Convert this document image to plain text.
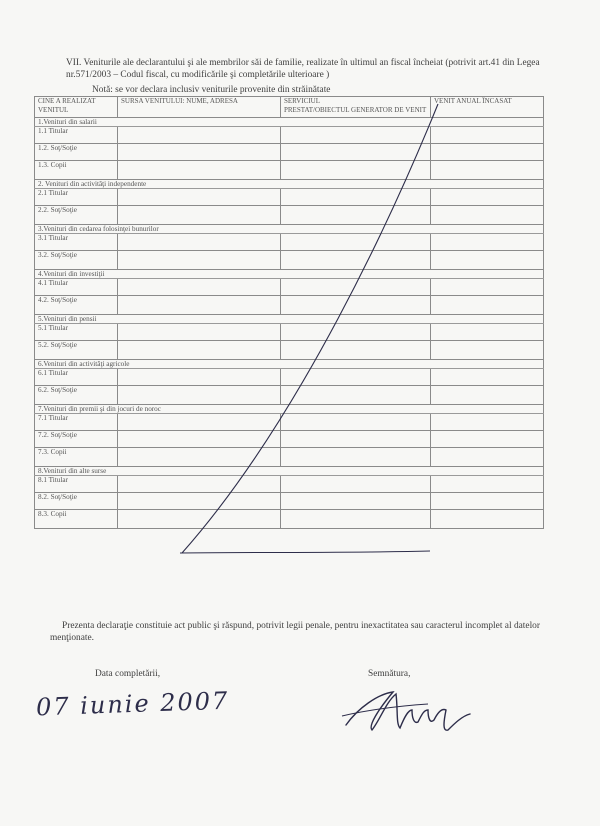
VII. Veniturile ale declarantului şi ale membrilor săi de familie, realizate în ultimul an fiscal încheiat (potrivit art.41 din Legea nr.571/2003 – Codul fiscal, cu modificările şi completările ulterioare )
Notă: se vor declara inclusiv veniturile provenite din străinătate
CINE A REALIZAT VENITUL	SURSA VENITULUI: NUME, ADRESA	SERVICIUL
PRESTAT/OBIECTUL GENERATOR DE VENIT	VENIT ANUAL ÎNCASAT
1.Venituri din salarii			
1.1 Titular			
1.2. Soţ/Soţie			
1.3. Copii			
2. Venituri din activităţi independente			
2.1 Titular			
2.2. Soţ/Soţie			
3.Venituri din cedarea folosinţei bunurilor			
3.1 Titular			
3.2. Soţ/Soţie			
4.Venituri din investiţii			
4.1 Titular			
4.2. Soţ/Soţie			
5.Venituri din pensii			
5.1 Titular			
5.2. Soţ/Soţie			
6.Venituri din activităţi agricole			
6.1 Titular			
6.2. Soţ/Soţie			
7.Venituri din premii şi din jocuri de noroc			
7.1 Titular			
7.2. Soţ/Soţie			
7.3. Copii			
8.Venituri din alte surse			
8.1 Titular			
8.2. Soţ/Soţie			
8.3. Copii			
Prezenta declaraţie constituie act public şi răspund, potrivit legii penale, pentru inexactitatea sau caracterul incomplet al datelor menţionate.
Data completării,	Semnătura,
07 iunie 2007
